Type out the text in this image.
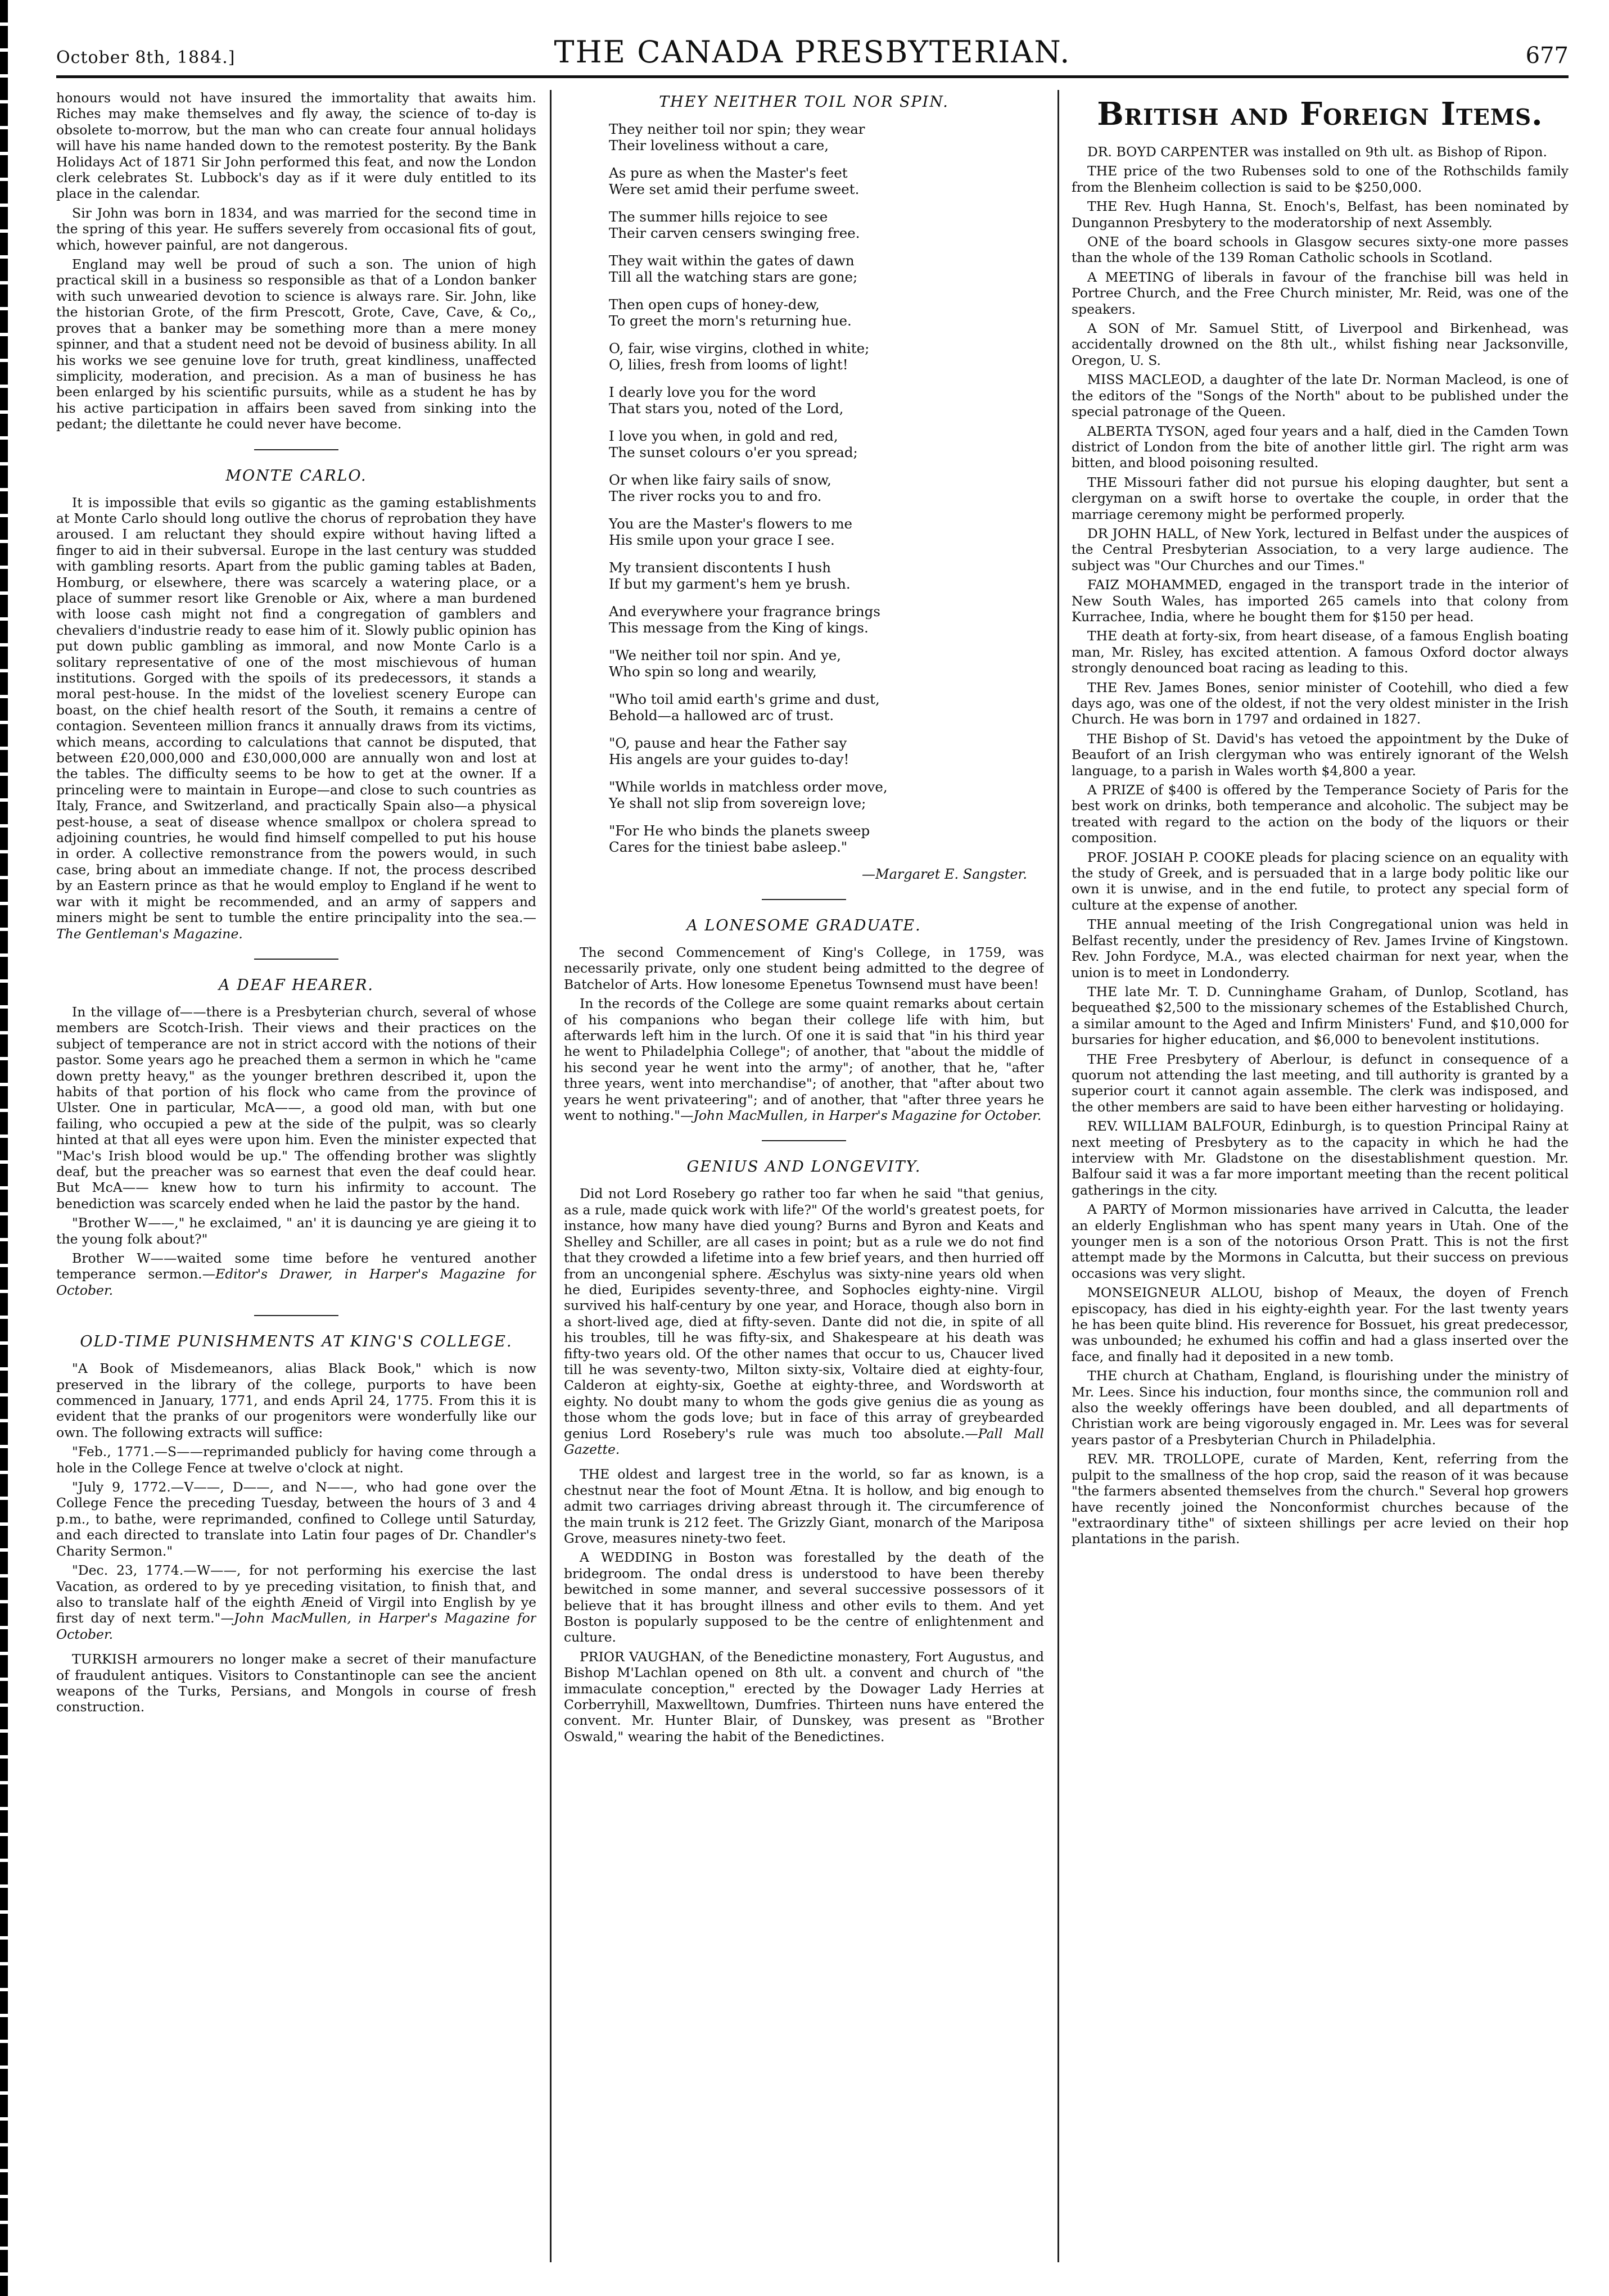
October 8th, 1884.]	THE CANADA PRESBYTERIAN.	677

honours would not have insured the immortality that awaits him. Riches may make themselves and fly away, the science of to-day is obsolete to-morrow, but the man who can create four annual holidays will have his name handed down to the remotest posterity. By the Bank Holidays Act of 1871 Sir John performed this feat, and now the London clerk celebrates St. Lubbock's day as if it were duly entitled to its place in the calendar.

Sir John was born in 1834, and was married for the second time in the spring of this year. He suffers severely from occasional fits of gout, which, however painful, are not dangerous.

England may well be proud of such a son. The union of high practical skill in a business so responsible as that of a London banker with such unwearied devotion to science is always rare. Sir. John, like the historian Grote, of the firm Prescott, Grote, Cave, Cave, & Co,, proves that a banker may be something more than a mere money spinner, and that a student need not be devoid of business ability. In all his works we see genuine love for truth, great kindliness, unaffected simplicity, moderation, and precision. As a man of business he has been enlarged by his scientific pursuits, while as a student he has by his active participation in affairs been saved from sinking into the pedant; the dilettante he could never have become.

MONTE CARLO.

It is impossible that evils so gigantic as the gaming establishments at Monte Carlo should long outlive the chorus of reprobation they have aroused. I am reluctant they should expire without having lifted a finger to aid in their subversal. Europe in the last century was studded with gambling resorts. Apart from the public gaming tables at Baden, Homburg, or elsewhere, there was scarcely a watering place, or a place of summer resort like Grenoble or Aix, where a man burdened with loose cash might not find a congregation of gamblers and chevaliers d'industrie ready to ease him of it. Slowly public opinion has put down public gambling as immoral, and now Monte Carlo is a solitary representative of one of the most mischievous of human institutions. Gorged with the spoils of its predecessors, it stands a moral pest-house. In the midst of the loveliest scenery Europe can boast, on the chief health resort of the South, it remains a centre of contagion. Seventeen million francs it annually draws from its victims, which means, according to calculations that cannot be disputed, that between £20,000,000 and £30,000,000 are annually won and lost at the tables. The difficulty seems to be how to get at the owner. If a princeling were to maintain in Europe—and close to such countries as Italy, France, and Switzerland, and practically Spain also—a physical pest-house, a seat of disease whence smallpox or cholera spread to adjoining countries, he would find himself compelled to put his house in order. A collective remonstrance from the powers would, in such case, bring about an immediate change. If not, the process described by an Eastern prince as that he would employ to England if he went to war with it might be recommended, and an army of sappers and miners might be sent to tumble the entire principality into the sea.—The Gentleman's Magazine.

A DEAF HEARER.

In the village of——there is a Presbyterian church, several of whose members are Scotch-Irish. Their views and their practices on the subject of temperance are not in strict accord with the notions of their pastor. Some years ago he preached them a sermon in which he "came down pretty heavy," as the younger brethren described it, upon the habits of that portion of his flock who came from the province of Ulster. One in particular, McA——, a good old man, with but one failing, who occupied a pew at the side of the pulpit, was so clearly hinted at that all eyes were upon him. Even the minister expected that "Mac's Irish blood would be up." The offending brother was slightly deaf, but the preacher was so earnest that even the deaf could hear. But McA—— knew how to turn his infirmity to account. The benediction was scarcely ended when he laid the pastor by the hand.

"Brother W——," he exclaimed, " an' it is dauncing ye are gieing it to the young folk about?"

Brother W——waited some time before he ventured another temperance sermon.—Editor's Drawer, in Harper's Magazine for October.

OLD-TIME PUNISHMENTS AT KING'S COLLEGE.

"A Book of Misdemeanors, alias Black Book," which is now preserved in the library of the college, purports to have been commenced in January, 1771, and ends April 24, 1775. From this it is evident that the pranks of our progenitors were wonderfully like our own. The following extracts will suffice:

"Feb., 1771.—S——reprimanded publicly for having come through a hole in the College Fence at twelve o'clock at night.

"July 9, 1772.—V——, D——, and N——, who had gone over the College Fence the preceding Tuesday, between the hours of 3 and 4 p.m., to bathe, were reprimanded, confined to College until Saturday, and each directed to translate into Latin four pages of Dr. Chandler's Charity Sermon."

"Dec. 23, 1774.—W——, for not performing his exercise the last Vacation, as ordered to by ye preceding visitation, to finish that, and also to translate half of the eighth Æneid of Virgil into English by ye first day of next term."—John MacMullen, in Harper's Magazine for October.

TURKISH armourers no longer make a secret of their manufacture of fraudulent antiques. Visitors to Constantinople can see the ancient weapons of the Turks, Persians, and Mongols in course of fresh construction.

THEY NEITHER TOIL NOR SPIN.
They neither toil nor spin; they wear
Their loveliness without a care,
As pure as when the Master's feet
Were set amid their perfume sweet.
The summer hills rejoice to see
Their carven censers swinging free.
They wait within the gates of dawn
Till all the watching stars are gone;
Then open cups of honey-dew,
To greet the morn's returning hue.
O, fair, wise virgins, clothed in white;
O, lilies, fresh from looms of light!
I dearly love you for the word
That stars you, noted of the Lord,
I love you when, in gold and red,
The sunset colours o'er you spread;
Or when like fairy sails of snow,
The river rocks you to and fro.
You are the Master's flowers to me
His smile upon your grace I see.
My transient discontents I hush
If but my garment's hem ye brush.
And everywhere your fragrance brings
This message from the King of kings.
"We neither toil nor spin. And ye,
Who spin so long and wearily,
"Who toil amid earth's grime and dust,
Behold—a hallowed arc of trust.
"O, pause and hear the Father say
His angels are your guides to-day!
"While worlds in matchless order move,
Ye shall not slip from sovereign love;
"For He who binds the planets sweep
Cares for the tiniest babe asleep."
—Margaret E. Sangster.
A LONESOME GRADUATE.

The second Commencement of King's College, in 1759, was necessarily private, only one student being admitted to the degree of Batchelor of Arts. How lonesome Epenetus Townsend must have been!

In the records of the College are some quaint remarks about certain of his companions who began their college life with him, but afterwards left him in the lurch. Of one it is said that "in his third year he went to Philadelphia College"; of another, that "about the middle of his second year he went into the army"; of another, that he, "after three years, went into merchandise"; of another, that "after about two years he went privateering"; and of another, that "after three years he went to nothing."—John MacMullen, in Harper's Magazine for October.

GENIUS AND LONGEVITY.

Did not Lord Rosebery go rather too far when he said "that genius, as a rule, made quick work with life?" Of the world's greatest poets, for instance, how many have died young? Burns and Byron and Keats and Shelley and Schiller, are all cases in point; but as a rule we do not find that they crowded a lifetime into a few brief years, and then hurried off from an uncongenial sphere. Æschylus was sixty-nine years old when he died, Euripides seventy-three, and Sophocles eighty-nine. Virgil survived his half-century by one year, and Horace, though also born in a short-lived age, died at fifty-seven. Dante did not die, in spite of all his troubles, till he was fifty-six, and Shakespeare at his death was fifty-two years old. Of the other names that occur to us, Chaucer lived till he was seventy-two, Milton sixty-six, Voltaire died at eighty-four, Calderon at eighty-six, Goethe at eighty-three, and Wordsworth at eighty. No doubt many to whom the gods give genius die as young as those whom the gods love; but in face of this array of greybearded genius Lord Rosebery's rule was much too absolute.—Pall Mall Gazette.

THE oldest and largest tree in the world, so far as known, is a chestnut near the foot of Mount Ætna. It is hollow, and big enough to admit two carriages driving abreast through it. The circumference of the main trunk is 212 feet. The Grizzly Giant, monarch of the Mariposa Grove, measures ninety-two feet.

A WEDDING in Boston was forestalled by the death of the bridegroom. The ondal dress is understood to have been thereby bewitched in some manner, and several successive possessors of it believe that it has brought illness and other evils to them. And yet Boston is popularly supposed to be the centre of enlightenment and culture.

PRIOR VAUGHAN, of the Benedictine monastery, Fort Augustus, and Bishop M'Lachlan opened on 8th ult. a convent and church of "the immaculate conception," erected by the Dowager Lady Herries at Corberryhill, Maxwelltown, Dumfries. Thirteen nuns have entered the convent. Mr. Hunter Blair, of Dunskey, was present as "Brother Oswald," wearing the habit of the Benedictines.

British and Foreign Items.

DR. BOYD CARPENTER was installed on 9th ult. as Bishop of Ripon.

THE price of the two Rubenses sold to one of the Rothschilds family from the Blenheim collection is said to be $250,000.

THE Rev. Hugh Hanna, St. Enoch's, Belfast, has been nominated by Dungannon Presbytery to the moderatorship of next Assembly.

ONE of the board schools in Glasgow secures sixty-one more passes than the whole of the 139 Roman Catholic schools in Scotland.

A MEETING of liberals in favour of the franchise bill was held in Portree Church, and the Free Church minister, Mr. Reid, was one of the speakers.

A SON of Mr. Samuel Stitt, of Liverpool and Birkenhead, was accidentally drowned on the 8th ult., whilst fishing near Jacksonville, Oregon, U. S.

MISS MACLEOD, a daughter of the late Dr. Norman Macleod, is one of the editors of the "Songs of the North" about to be published under the special patronage of the Queen.

ALBERTA TYSON, aged four years and a half, died in the Camden Town district of London from the bite of another little girl. The right arm was bitten, and blood poisoning resulted.

THE Missouri father did not pursue his eloping daughter, but sent a clergyman on a swift horse to overtake the couple, in order that the marriage ceremony might be performed properly.

DR JOHN HALL, of New York, lectured in Belfast under the auspices of the Central Presbyterian Association, to a very large audience. The subject was "Our Churches and our Times."

FAIZ MOHAMMED, engaged in the transport trade in the interior of New South Wales, has imported 265 camels into that colony from Kurrachee, India, where he bought them for $150 per head.

THE death at forty-six, from heart disease, of a famous English boating man, Mr. Risley, has excited attention. A famous Oxford doctor always strongly denounced boat racing as leading to this.

THE Rev. James Bones, senior minister of Cootehill, who died a few days ago, was one of the oldest, if not the very oldest minister in the Irish Church. He was born in 1797 and ordained in 1827.

THE Bishop of St. David's has vetoed the appointment by the Duke of Beaufort of an Irish clergyman who was entirely ignorant of the Welsh language, to a parish in Wales worth $4,800 a year.

A PRIZE of $400 is offered by the Temperance Society of Paris for the best work on drinks, both temperance and alcoholic. The subject may be treated with regard to the action on the body of the liquors or their composition.

PROF. JOSIAH P. COOKE pleads for placing science on an equality with the study of Greek, and is persuaded that in a large body politic like our own it is unwise, and in the end futile, to protect any special form of culture at the expense of another.

THE annual meeting of the Irish Congregational union was held in Belfast recently, under the presidency of Rev. James Irvine of Kingstown. Rev. John Fordyce, M.A., was elected chairman for next year, when the union is to meet in Londonderry.

THE late Mr. T. D. Cunninghame Graham, of Dunlop, Scotland, has bequeathed $2,500 to the missionary schemes of the Established Church, a similar amount to the Aged and Infirm Ministers' Fund, and $10,000 for bursaries for higher education, and $6,000 to benevolent institutions.

THE Free Presbytery of Aberlour, is defunct in consequence of a quorum not attending the last meeting, and till authority is granted by a superior court it cannot again assemble. The clerk was indisposed, and the other members are said to have been either harvesting or holidaying.

REV. WILLIAM BALFOUR, Edinburgh, is to question Principal Rainy at next meeting of Presbytery as to the capacity in which he had the interview with Mr. Gladstone on the disestablishment question. Mr. Balfour said it was a far more important meeting than the recent political gatherings in the city.

A PARTY of Mormon missionaries have arrived in Calcutta, the leader an elderly Englishman who has spent many years in Utah. One of the younger men is a son of the notorious Orson Pratt. This is not the first attempt made by the Mormons in Calcutta, but their success on previous occasions was very slight.

MONSEIGNEUR ALLOU, bishop of Meaux, the doyen of French episcopacy, has died in his eighty-eighth year. For the last twenty years he has been quite blind. His reverence for Bossuet, his great predecessor, was unbounded; he exhumed his coffin and had a glass inserted over the face, and finally had it deposited in a new tomb.

THE church at Chatham, England, is flourishing under the ministry of Mr. Lees. Since his induction, four months since, the communion roll and also the weekly offerings have been doubled, and all departments of Christian work are being vigorously engaged in. Mr. Lees was for several years pastor of a Presbyterian Church in Philadelphia.

REV. MR. TROLLOPE, curate of Marden, Kent, referring from the pulpit to the smallness of the hop crop, said the reason of it was because "the farmers absented themselves from the church." Several hop growers have recently joined the Nonconformist churches because of the "extraordinary tithe" of sixteen shillings per acre levied on their hop plantations in the parish.
